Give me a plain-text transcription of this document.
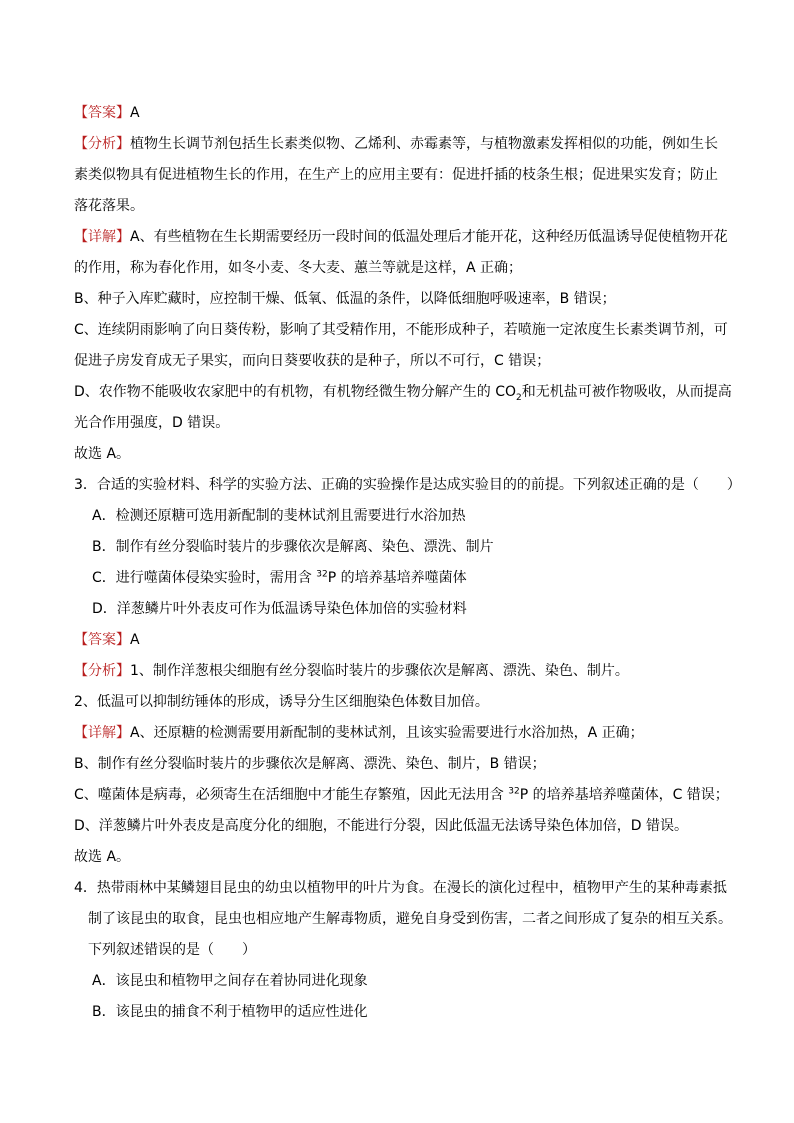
【答案】A
【分析】植物生长调节剂包括生长素类似物、乙烯利、赤霉素等，与植物激素发挥相似的功能，例如生长
素类似物具有促进植物生长的作用，在生产上的应用主要有：促进扦插的枝条生根；促进果实发育；防止
落花落果。
【详解】A、有些植物在生长期需要经历一段时间的低温处理后才能开花，这种经历低温诱导促使植物开花
的作用，称为春化作用，如冬小麦、冬大麦、蕙兰等就是这样，A 正确；
B、种子入库贮藏时，应控制干燥、低氧、低温的条件，以降低细胞呼吸速率，B 错误；
C、连续阴雨影响了向日葵传粉，影响了其受精作用，不能形成种子，若喷施一定浓度生长素类调节剂，可
促进子房发育成无子果实，而向日葵要收获的是种子，所以不可行，C 错误；
D、农作物不能吸收农家肥中的有机物，有机物经微生物分解产生的 $CO_2$和无机盐可被作物吸收，从而提高
光合作用强度，D 错误。
故选 A。
3．合适的实验材料、科学的实验方法、正确的实验操作是达成实验目的的前提。下列叙述正确的是（　　）
A．检测还原糖可选用新配制的斐林试剂且需要进行水浴加热
B．制作有丝分裂临时装片的步骤依次是解离、染色、漂洗、制片
C．进行噬菌体侵染实验时，需用含 $^{32}$P 的培养基培养噬菌体
D．洋葱鳞片叶外表皮可作为低温诱导染色体加倍的实验材料
【答案】A
【分析】1、制作洋葱根尖细胞有丝分裂临时装片的步骤依次是解离、漂洗、染色、制片。
2、低温可以抑制纺锤体的形成，诱导分生区细胞染色体数目加倍。
【详解】A、还原糖的检测需要用新配制的斐林试剂，且该实验需要进行水浴加热，A 正确；
B、制作有丝分裂临时装片的步骤依次是解离、漂洗、染色、制片，B 错误；
C、噬菌体是病毒，必须寄生在活细胞中才能生存繁殖，因此无法用含 $^{32}$P 的培养基培养噬菌体，C 错误；
D、洋葱鳞片叶外表皮是高度分化的细胞，不能进行分裂，因此低温无法诱导染色体加倍，D 错误。
故选 A。
4．热带雨林中某鳞翅目昆虫的幼虫以植物甲的叶片为食。在漫长的演化过程中，植物甲产生的某种毒素抵
制了该昆虫的取食，昆虫也相应地产生解毒物质，避免自身受到伤害，二者之间形成了复杂的相互关系。
下列叙述错误的是（　　）
A．该昆虫和植物甲之间存在着协同进化现象
B．该昆虫的捕食不利于植物甲的适应性进化
